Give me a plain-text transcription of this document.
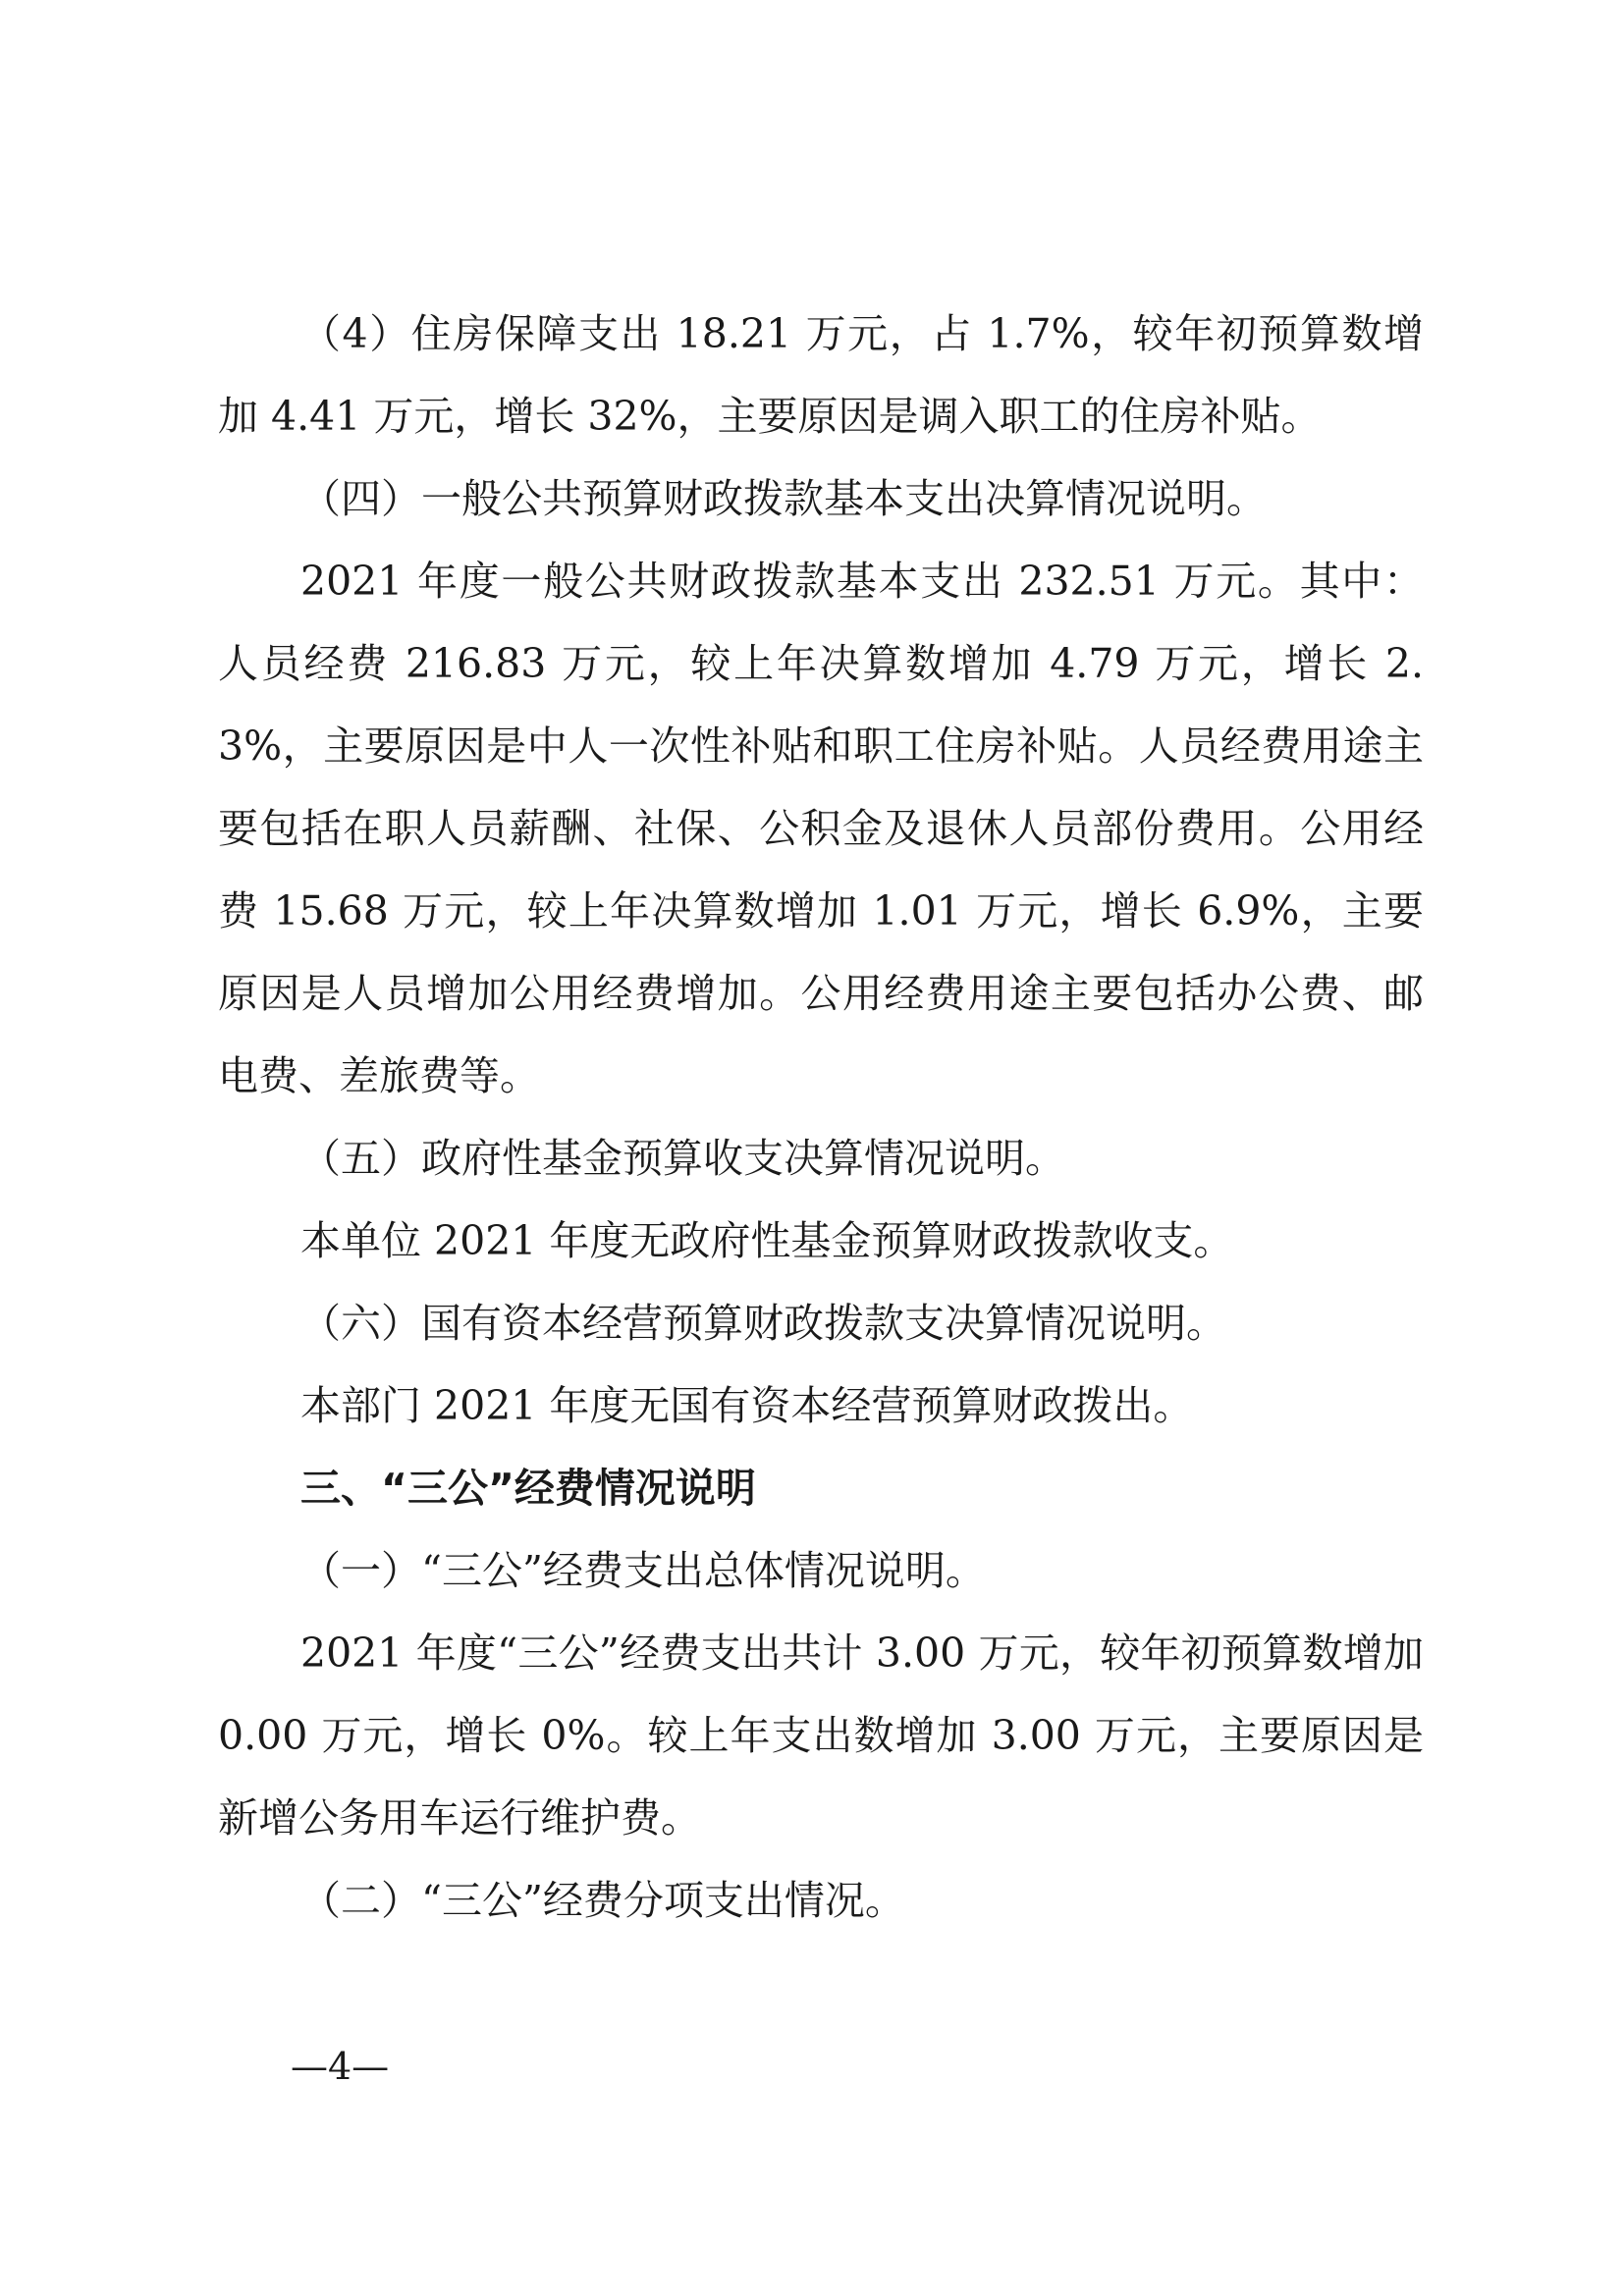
（4）住房保障支出 18.21 万元，占 1.7%，较年初预算数增加 4.41 万元，增长 32%，主要原因是调入职工的住房补贴。

（四）一般公共预算财政拨款基本支出决算情况说明。

2021 年度一般公共财政拨款基本支出 232.51 万元。其中：人员经费 216.83 万元，较上年决算数增加 4.79 万元，增长 2.3%，主要原因是中人一次性补贴和职工住房补贴。人员经费用途主要包括在职人员薪酬、社保、公积金及退休人员部份费用。公用经费 15.68 万元，较上年决算数增加 1.01 万元，增长 6.9%，主要原因是人员增加公用经费增加。公用经费用途主要包括办公费、邮电费、差旅费等。

（五）政府性基金预算收支决算情况说明。

本单位 2021 年度无政府性基金预算财政拨款收支。

（六）国有资本经营预算财政拨款支决算情况说明。

本部门 2021 年度无国有资本经营预算财政拨出。

三、“三公”经费情况说明

（一）“三公”经费支出总体情况说明。

2021 年度“三公”经费支出共计 3.00 万元，较年初预算数增加 0.00 万元，增长 0%。较上年支出数增加 3.00 万元，主要原因是新增公务用车运行维护费。

（二）“三公”经费分项支出情况。

—4—
